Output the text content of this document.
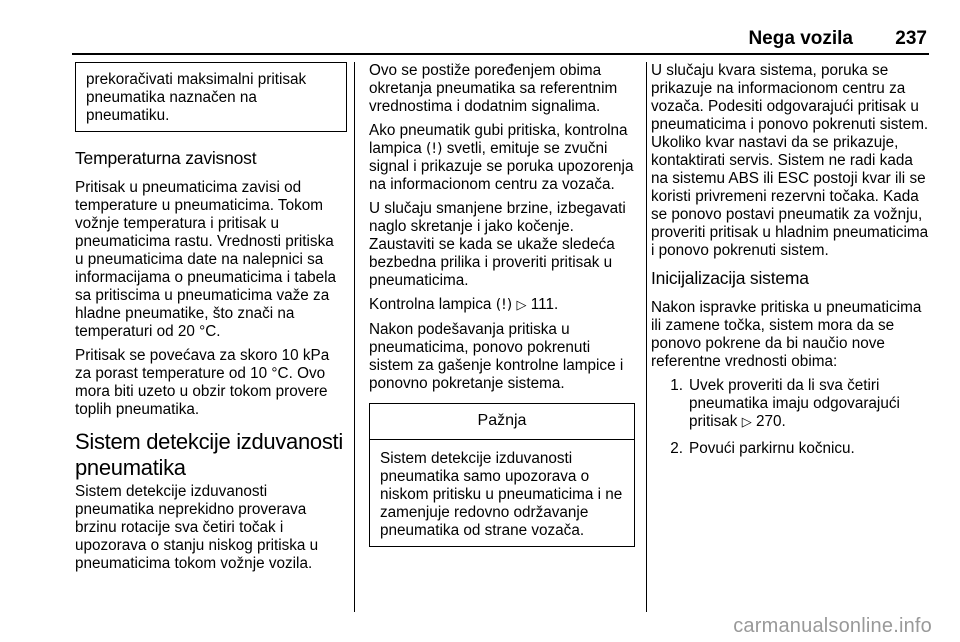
Nega vozila 237

prekoračivati maksimalni pritisak pneumatika naznačen na pneumatiku.

Temperaturna zavisnost

Pritisak u pneumaticima zavisi od temperature u pneumaticima. Tokom vožnje temperatura i pritisak u pneumaticima rastu. Vrednosti pritiska u pneumaticima date na nalepnici sa informacijama o pneumaticima i tabela sa pritiscima u pneumaticima važe za hladne pneumatike, što znači na temperaturi od 20 °C.

Pritisak se povećava za skoro 10 kPa za porast temperature od 10 °C. Ovo mora biti uzeto u obzir tokom provere toplih pneumatika.

Sistem detekcije izduvanosti pneumatika

Sistem detekcije izduvanosti pneumatika neprekidno proverava brzinu rotacije sva četiri točak i upozorava o stanju niskog pritiska u pneumaticima tokom vožnje vozila.

Ovo se postiže poređenjem obima okretanja pneumatika sa referentnim vrednostima i dodatnim signalima.

Ako pneumatik gubi pritiska, kontrolna lampica (!) svetli, emituje se zvučni signal i prikazuje se poruka upozorenja na informacionom centru za vozača.

U slučaju smanjene brzine, izbegavati naglo skretanje i jako kočenje. Zaustaviti se kada se ukaže sledeća bezbedna prilika i proveriti pritisak u pneumaticima.

Kontrolna lampica (!) ▷ 111.

Nakon podešavanja pritiska u pneumaticima, ponovo pokrenuti sistem za gašenje kontrolne lampice i ponovno pokretanje sistema.

Pažnja

Sistem detekcije izduvanosti pneumatika samo upozorava o niskom pritisku u pneumaticima i ne zamenjuje redovno održavanje pneumatika od strane vozača.

U slučaju kvara sistema, poruka se prikazuje na informacionom centru za vozača. Podesiti odgovarajući pritisak u pneumaticima i ponovo pokrenuti sistem. Ukoliko kvar nastavi da se prikazuje, kontaktirati servis. Sistem ne radi kada na sistemu ABS ili ESC postoji kvar ili se koristi privremeni rezervni točaka. Kada se ponovo postavi pneumatik za vožnju, proveriti pritisak u hladnim pneumaticima i ponovo pokrenuti sistem.

Inicijalizacija sistema

Nakon ispravke pritiska u pneumaticima ili zamene točka, sistem mora da se ponovo pokrene da bi naučio nove referentne vrednosti obima:

1. Uvek proveriti da li sva četiri pneumatika imaju odgovarajući pritisak ▷ 270.
2. Povući parkirnu kočnicu.
carmanualsonline.info
